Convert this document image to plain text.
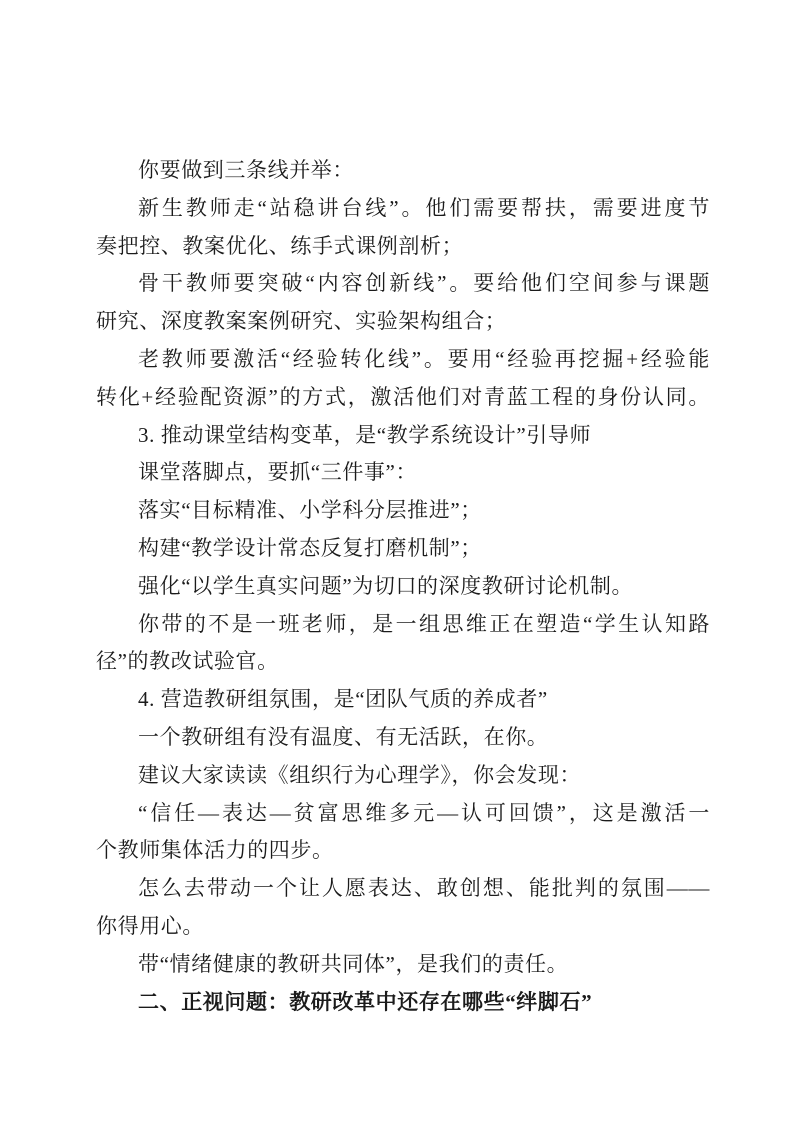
你要做到三条线并举：
新生教师走“站稳讲台线”。他们需要帮扶，需要进度节
奏把控、教案优化、练手式课例剖析；
骨干教师要突破“内容创新线”。要给他们空间参与课题
研究、深度教案案例研究、实验架构组合；
老教师要激活“经验转化线”。要用“经验再挖掘+经验能
转化+经验配资源”的方式，激活他们对青蓝工程的身份认同。
3. 推动课堂结构变革，是“教学系统设计”引导师
课堂落脚点，要抓“三件事”：
落实“目标精准、小学科分层推进”；
构建“教学设计常态反复打磨机制”；
强化“以学生真实问题”为切口的深度教研讨论机制。
你带的不是一班老师，是一组思维正在塑造“学生认知路
径”的教改试验官。
4. 营造教研组氛围，是“团队气质的养成者”
一个教研组有没有温度、有无活跃，在你。
建议大家读读《组织行为心理学》，你会发现：
“信任—表达—贫富思维多元—认可回馈”，这是激活一
个教师集体活力的四步。
怎么去带动一个让人愿表达、敢创想、能批判的氛围——
你得用心。
带“情绪健康的教研共同体”，是我们的责任。
二、正视问题：教研改革中还存在哪些“绊脚石”
